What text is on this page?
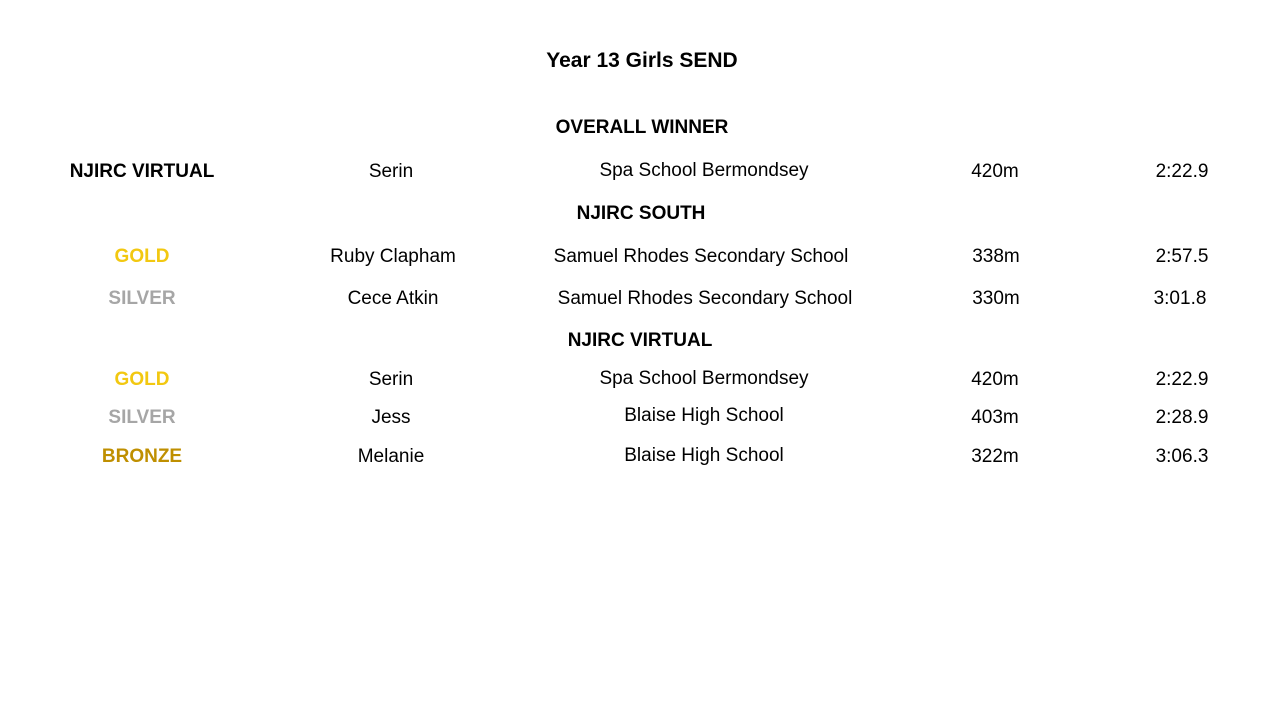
Year 13 Girls SEND
OVERALL WINNER
NJIRC VIRTUAL	Serin	Spa School Bermondsey	420m	2:22.9
NJIRC SOUTH
GOLD	Ruby Clapham	Samuel Rhodes Secondary School	338m	2:57.5
SILVER	Cece Atkin	Samuel Rhodes Secondary School	330m	3:01.8
NJIRC VIRTUAL
GOLD	Serin	Spa School Bermondsey	420m	2:22.9
SILVER	Jess	Blaise High School	403m	2:28.9
BRONZE	Melanie	Blaise High School	322m	3:06.3
